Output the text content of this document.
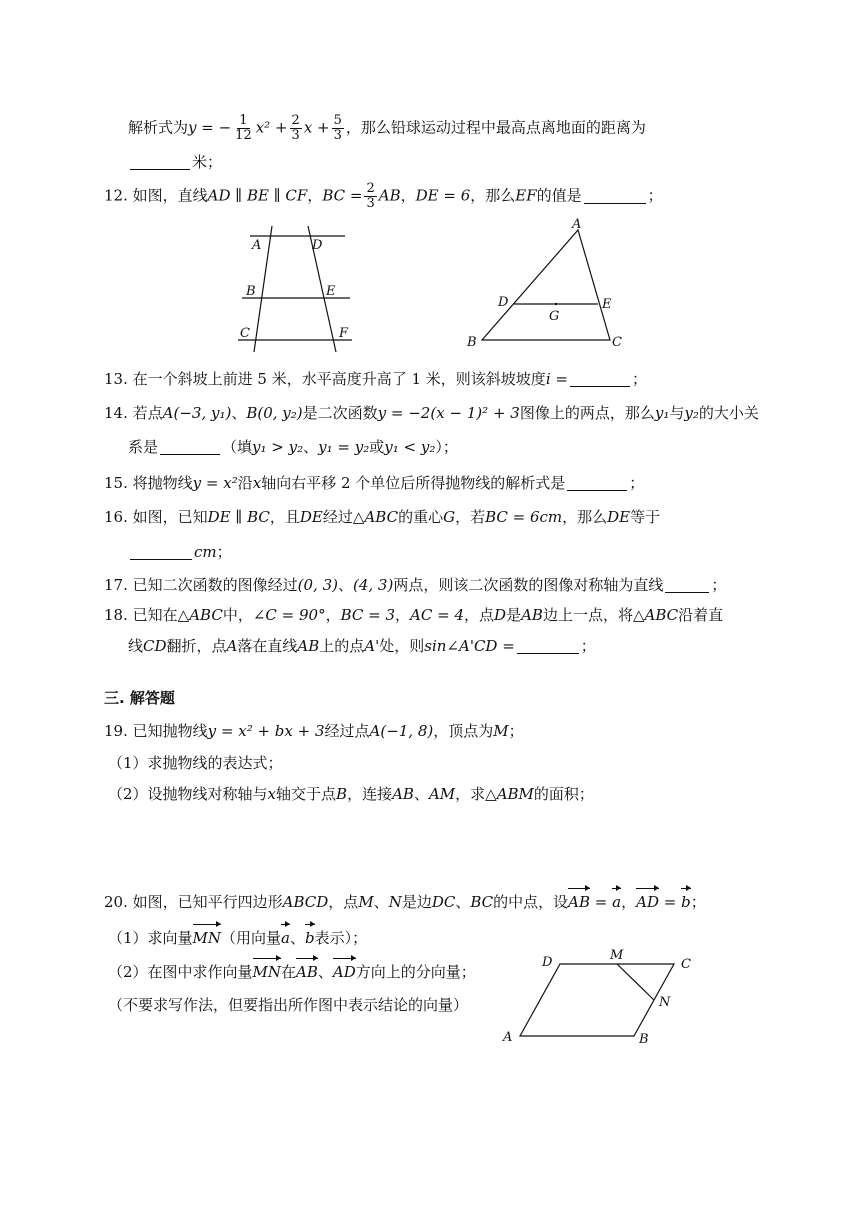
解析式为y = − $\frac{1}{12} x^2 + \frac{2}{3}$ $x + \frac{5}{3}$ ，那么铅球运动过程中最高点离地面的距离为
米；
12. 如图，直线AD ∥ BE ∥ CF，BC = $\frac{2}{3}$ AB，DE = 6，那么EF的值是	；
A	D
B	E
C	F
A
D	E
G
B	C
13. 在一个斜坡上前进 5 米，水平高度升高了 1 米，则该斜坡坡度i =	；
14. 若点A(−3, y₁)、B(0, y₂)是二次函数y = −2(x − 1)² + 3图像上的两点，那么y₁与y₂的大小关
系是	（填y₁ > y₂、y₁ = y₂或y₁ < y₂）；
15. 将抛物线y = x²沿x轴向右平移 2 个单位后所得抛物线的解析式是	；
16. 如图，已知DE ∥ BC，且DE经过△ABC的重心G，若BC = 6cm，那么DE等于
cm；
17. 已知二次函数的图像经过(0, 3)、(4, 3)两点，则该二次函数的图像对称轴为直线	；
18. 已知在△ABC中，∠C = 90°，BC = 3，AC = 4，点D是AB边上一点，将△ABC沿着直
线CD翻折，点A落在直线AB上的点A'处，则sin∠A'CD =	；
三. 解答题
19. 已知抛物线y = x² + bx + 3经过点A(−1, 8)，顶点为M；
（1）求抛物线的表达式；
（2）设抛物线对称轴与x轴交于点B，连接AB、AM，求△ABM的面积；
20. 如图，已知平行四边形ABCD，点M、N是边DC、BC的中点，设AB = a，AD = b；
（1）求向量MN（用向量a、b表示）；
（2）在图中求作向量MN在AB、AD方向上的分向量；
（不要求写作法，但要指出所作图中表示结论的向量）
D	M
C
N
A	B
